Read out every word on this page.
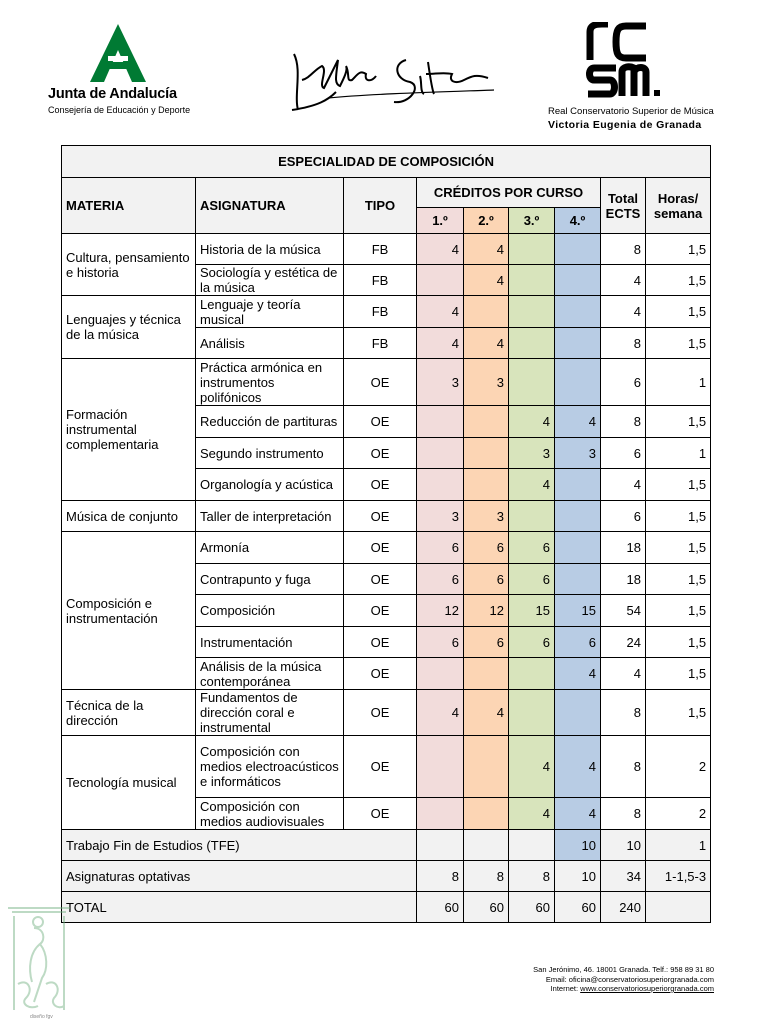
Junta de Andalucía
Consejería de Educación y Deporte	Real Conservatorio Superior de Música
Victoria Eugenia de Granada
ESPECIALIDAD DE COMPOSICIÓN								
MATERIA	ASIGNATURA	TIPO	CRÉDITOS POR CURSO				Total ECTS	Horas/ semana
			1.º	2.º	3.º	4.º		
Cultura, pensamiento e historia	Historia de la música	FB	4	4			8	1,5
	Sociología y estética de la música	FB		4			4	1,5
Lenguajes y técnica de la música	Lenguaje y teoría musical	FB	4				4	1,5
	Análisis	FB	4	4			8	1,5
Formación instrumental complementaria	Práctica armónica en instrumentos polifónicos	OE	3	3			6	1
	Reducción de partituras	OE			4	4	8	1,5
	Segundo instrumento	OE			3	3	6	1
	Organología y acústica	OE			4		4	1,5
Música de conjunto	Taller de interpretación	OE	3	3			6	1,5
Composición e instrumentación	Armonía	OE	6	6	6		18	1,5
	Contrapunto y fuga	OE	6	6	6		18	1,5
	Composición	OE	12	12	15	15	54	1,5
	Instrumentación	OE	6	6	6	6	24	1,5
	Análisis de la música contemporánea	OE				4	4	1,5
Técnica de la dirección	Fundamentos de dirección coral e instrumental	OE	4	4			8	1,5
Tecnología musical	Composición con medios electroacústicos e informáticos	OE			4	4	8	2
	Composición con medios audiovisuales	OE			4	4	8	2
Trabajo Fin de Estudios (TFE)						10	10	1
Asignaturas optativas			8	8	8	10	34	1-1,5-3
TOTAL			60	60	60	60	240	
San Jerónimo, 46. 18001 Granada. Telf.: 958 89 31 80
Email: oficina@conservatoriosuperiorgranada.com
Internet: www.conservatoriosuperiorgranada.com
diseño fgv
